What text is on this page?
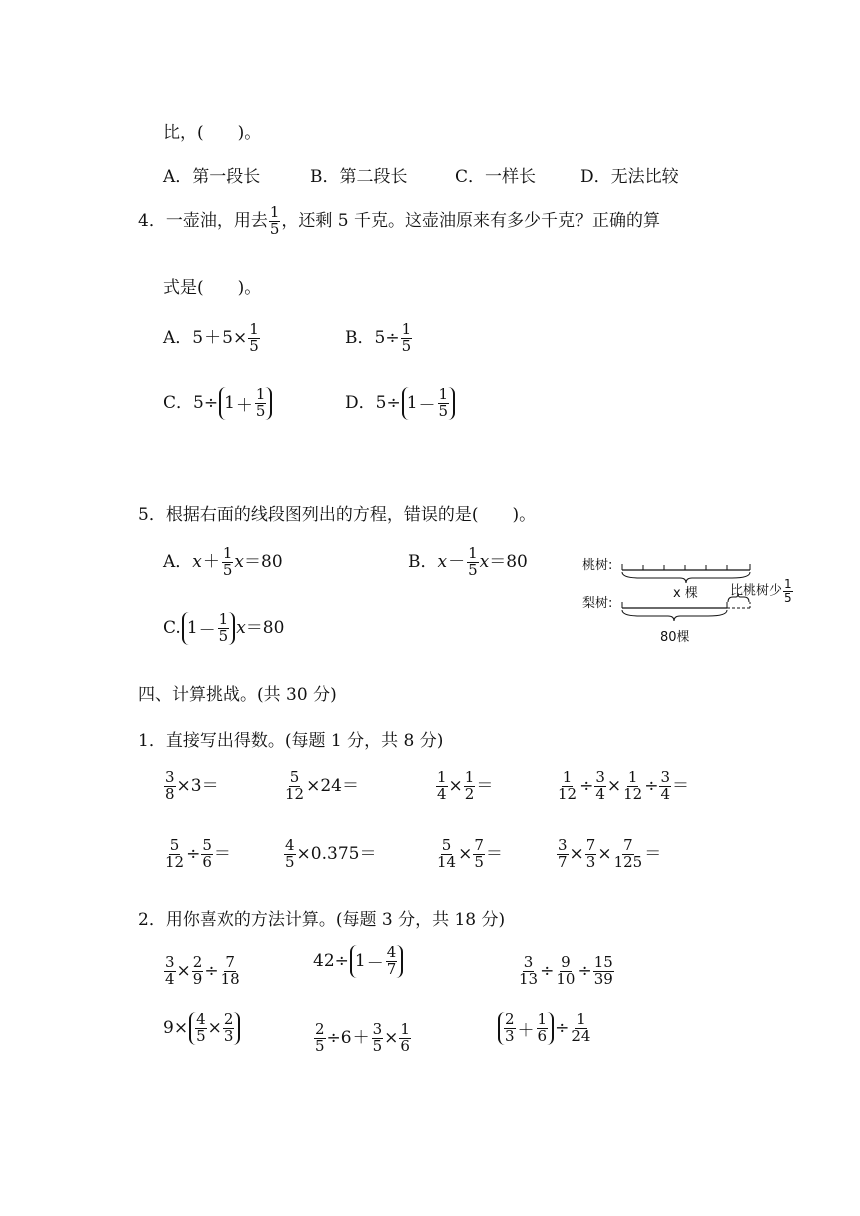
比，(　　)。
A．第一段长	B．第二段长	C．一样长	D．无法比较
4．一壶油，用去 $\frac{1}{5}$ ，还剩 5 千克。这壶油原来有多少千克？正确的算
式是(　　)。
A．$5+5\times \frac{1}{5}$	B．$5\div \frac{1}{5}$
C．$5\div 1 + \frac{1}{5}$	D．$5\div 1 - \frac{1}{5}$
5．根据右面的线段图列出的方程，错误的是(　　)。
A．$x+ \frac{1}{5} x=80$	B．$x- \frac{1}{5} x=80$
C. $1 - \frac{1}{5} x=80$
桃树:
梨树:
x 棵
80棵
比桃树少 $\frac{1}{5}$
四、计算挑战。(共 30 分)
1．直接写出得数。(每题 1 分，共 8 分)
$\frac{3}{8} \times 3=$	$\frac{5}{12} \times 24=$	$\frac{1}{4} \times \frac{1}{2}$ ＝	$\frac{1}{12} \div \frac{3}{4} \times \frac{1}{12} \div \frac{3}{4}$ ＝
$\frac{5}{12} \div \frac{5}{6}$ ＝	$\frac{4}{5} \times 0.375=$	$\frac{5}{14} \times \frac{7}{5}$ ＝	$\frac{3}{7} \times \frac{7}{3} \times \frac{7}{125}$ ＝
2．用你喜欢的方法计算。(每题 3 分，共 18 分)
$\frac{3}{4} \times \frac{2}{9} \div \frac{7}{18}$	$42\div 1 - \frac{4}{7}$	$\frac{3}{13} \div \frac{9}{10} \div \frac{15}{39}$
$9\times \frac{4}{5} \times \frac{2}{3}$	$\frac{2}{5} \div 6+ \frac{3}{5} \times \frac{1}{6}$	$\frac{2}{3} + \frac{1}{6} \div \frac{1}{24}$
